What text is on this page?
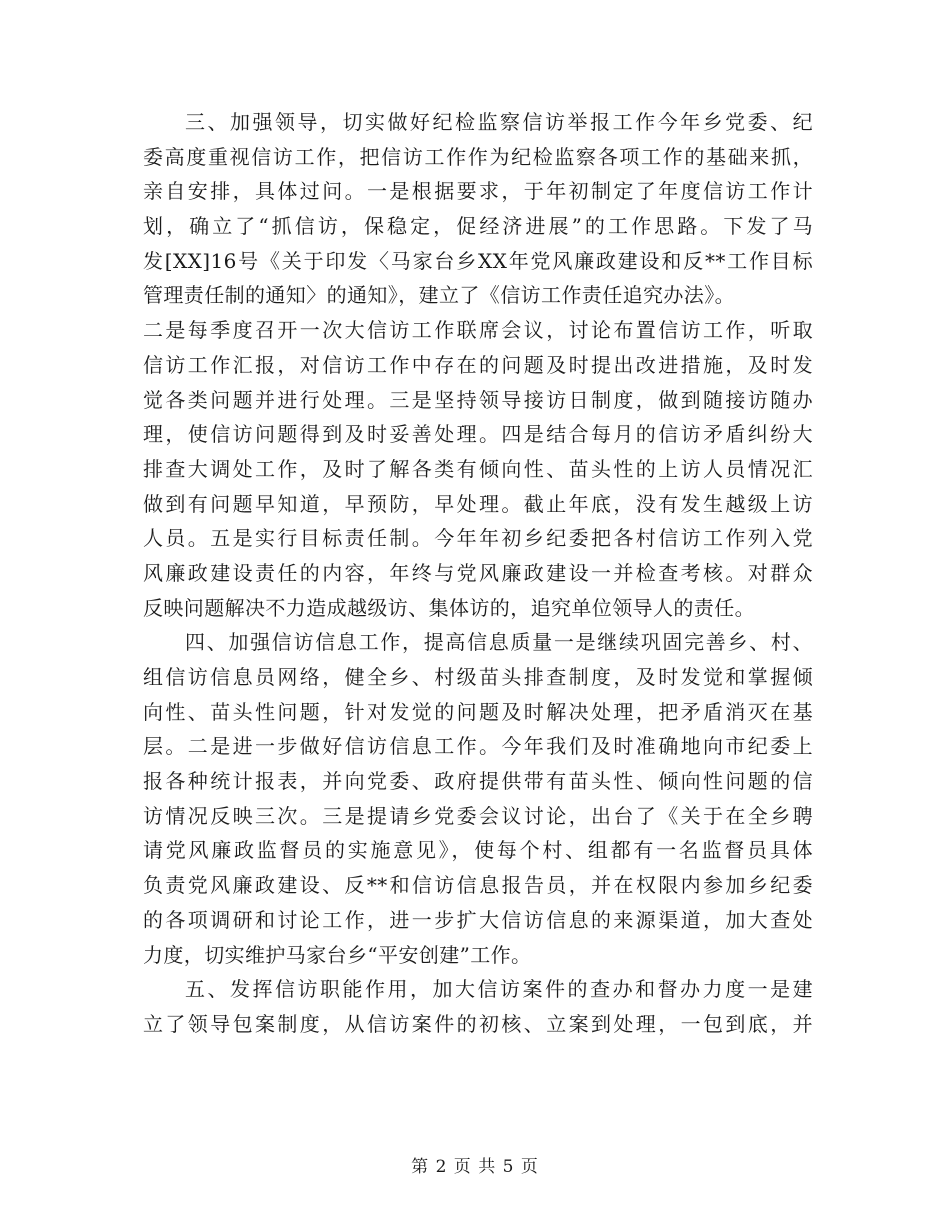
三、加强领导，切实做好纪检监察信访举报工作今年乡党委、纪
委高度重视信访工作，把信访工作作为纪检监察各项工作的基础来抓，
亲自安排，具体过问。一是根据要求，于年初制定了年度信访工作计
划，确立了“抓信访，保稳定，促经济进展”的工作思路。下发了马
发[XX]16号《关于印发〈马家台乡XX年党风廉政建设和反**工作目标
管理责任制的通知〉的通知》，建立了《信访工作责任追究办法》。
二是每季度召开一次大信访工作联席会议，讨论布置信访工作，听取
信访工作汇报，对信访工作中存在的问题及时提出改进措施，及时发
觉各类问题并进行处理。三是坚持领导接访日制度，做到随接访随办
理，使信访问题得到及时妥善处理。四是结合每月的信访矛盾纠纷大
排查大调处工作，及时了解各类有倾向性、苗头性的上访人员情况汇
做到有问题早知道，早预防，早处理。截止年底，没有发生越级上访
人员。五是实行目标责任制。今年年初乡纪委把各村信访工作列入党
风廉政建设责任的内容，年终与党风廉政建设一并检查考核。对群众
反映问题解决不力造成越级访、集体访的，追究单位领导人的责任。
四、加强信访信息工作，提高信息质量一是继续巩固完善乡、村、
组信访信息员网络，健全乡、村级苗头排查制度，及时发觉和掌握倾
向性、苗头性问题，针对发觉的问题及时解决处理，把矛盾消灭在基
层。二是进一步做好信访信息工作。今年我们及时准确地向市纪委上
报各种统计报表，并向党委、政府提供带有苗头性、倾向性问题的信
访情况反映三次。三是提请乡党委会议讨论，出台了《关于在全乡聘
请党风廉政监督员的实施意见》，使每个村、组都有一名监督员具体
负责党风廉政建设、反**和信访信息报告员，并在权限内参加乡纪委
的各项调研和讨论工作，进一步扩大信访信息的来源渠道，加大查处
力度，切实维护马家台乡“平安创建”工作。
五、发挥信访职能作用，加大信访案件的查办和督办力度一是建
立了领导包案制度，从信访案件的初核、立案到处理，一包到底，并
第 2 页 共 5 页
